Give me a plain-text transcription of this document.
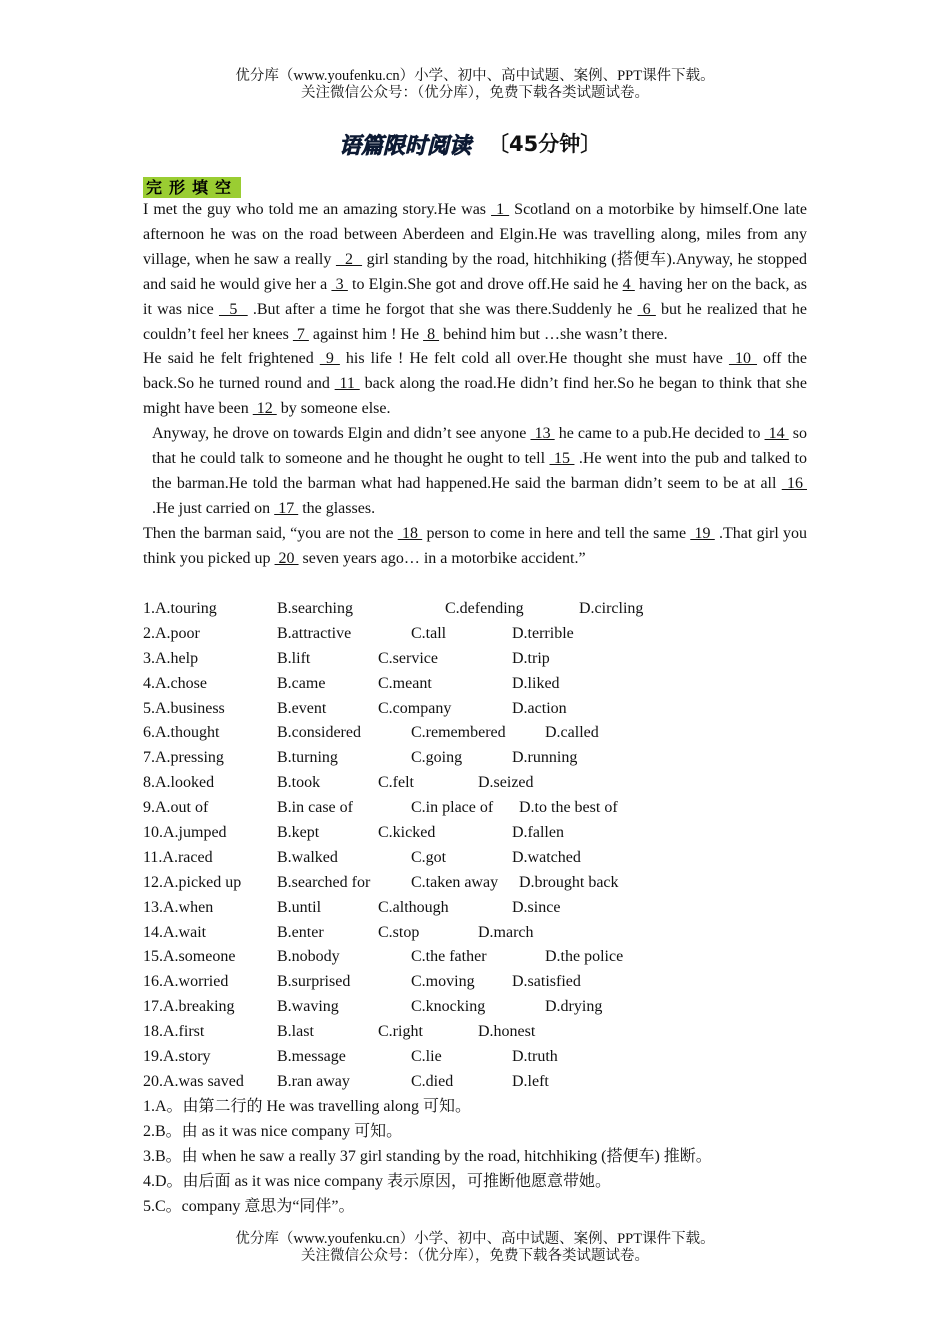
优分库（www.youfenku.cn）小学、初中、高中试题、案例、PPT课件下载。
关注微信公众号：（优分库），免费下载各类试题试卷。
语篇限时阅读 〔45分钟〕
完形填空

I met the guy who told me an amazing story.He was  1  Scotland on a motorbike by himself.One late afternoon he was on the road between Aberdeen and Elgin.He was travelling along, miles from any village, when he saw a really   2   girl standing by the road, hitchhiking (搭便车).Anyway, he stopped and said he would give her a  3  to Elgin.She got and drove off.He said he 4  having her on the back, as it was nice   5   .But after a time he forgot that she was there.Suddenly he  6  but he realized that he couldn’t feel her knees  7  against him ! He  8  behind him but …she wasn’t there.

He said he felt frightened  9  his life ! He felt cold all over.He thought she must have  10  off the back.So he turned round and  11  back along the road.He didn’t find her.So he began to think that she might have been  12  by someone else.

Anyway, he drove on towards Elgin and didn’t see anyone  13  he came to a pub.He decided to  14  so that he could talk to someone and he thought he ought to tell  15  .He went into the pub and talked to the barman.He told the barman what had happened.He said the barman didn’t seem to be at all  16  .He just carried on  17  the glasses.

Then the barman said, “you are not the  18  person to come in here and tell the same  19  .That girl you think you picked up  20  seven years ago… in a motorbike accident.”

1.A.touring	B.searching	C.defending	D.circling
2.A.poor	B.attractive	C.tall	D.terrible
3.A.help	B.lift	C.service	D.trip
4.A.chose	B.came	C.meant	D.liked
5.A.business	B.event	C.company	D.action
6.A.thought	B.considered	C.remembered D.called
7.A.pressing	B.turning	C.going	D.running
8.A.looked	B.took	C.felt	D.seized
9.A.out of	B.in case of	C.in place of D.to the best of
10.A.jumped	B.kept	C.kicked	D.fallen
11.A.raced	B.walked	C.got	D.watched
12.A.picked up B.searched for	C.taken away D.brought back
13.A.when	B.until	C.although	D.since
14.A.wait	B.enter	C.stop	D.march
15.A.someone	B.nobody	C.the father	D.the police
16.A.worried	B.surprised	C.moving D.satisfied
17.A.breaking	B.waving	C.knocking	D.drying
18.A.first	B.last	C.right	D.honest
19.A.story	B.message	C.lie	D.truth
20.A.was saved B.ran away	C.died	D.left
1.A。由第二行的 He was travelling along 可知。
2.B。由 as it was nice company 可知。
3.B。由 when he saw a really 37 girl standing by the road, hitchhiking (搭便车) 推断。
4.D。由后面 as it was nice company 表示原因，可推断他愿意带她。
5.C。company 意思为“同伴”。
优分库（www.youfenku.cn）小学、初中、高中试题、案例、PPT课件下载。
关注微信公众号：（优分库），免费下载各类试题试卷。
